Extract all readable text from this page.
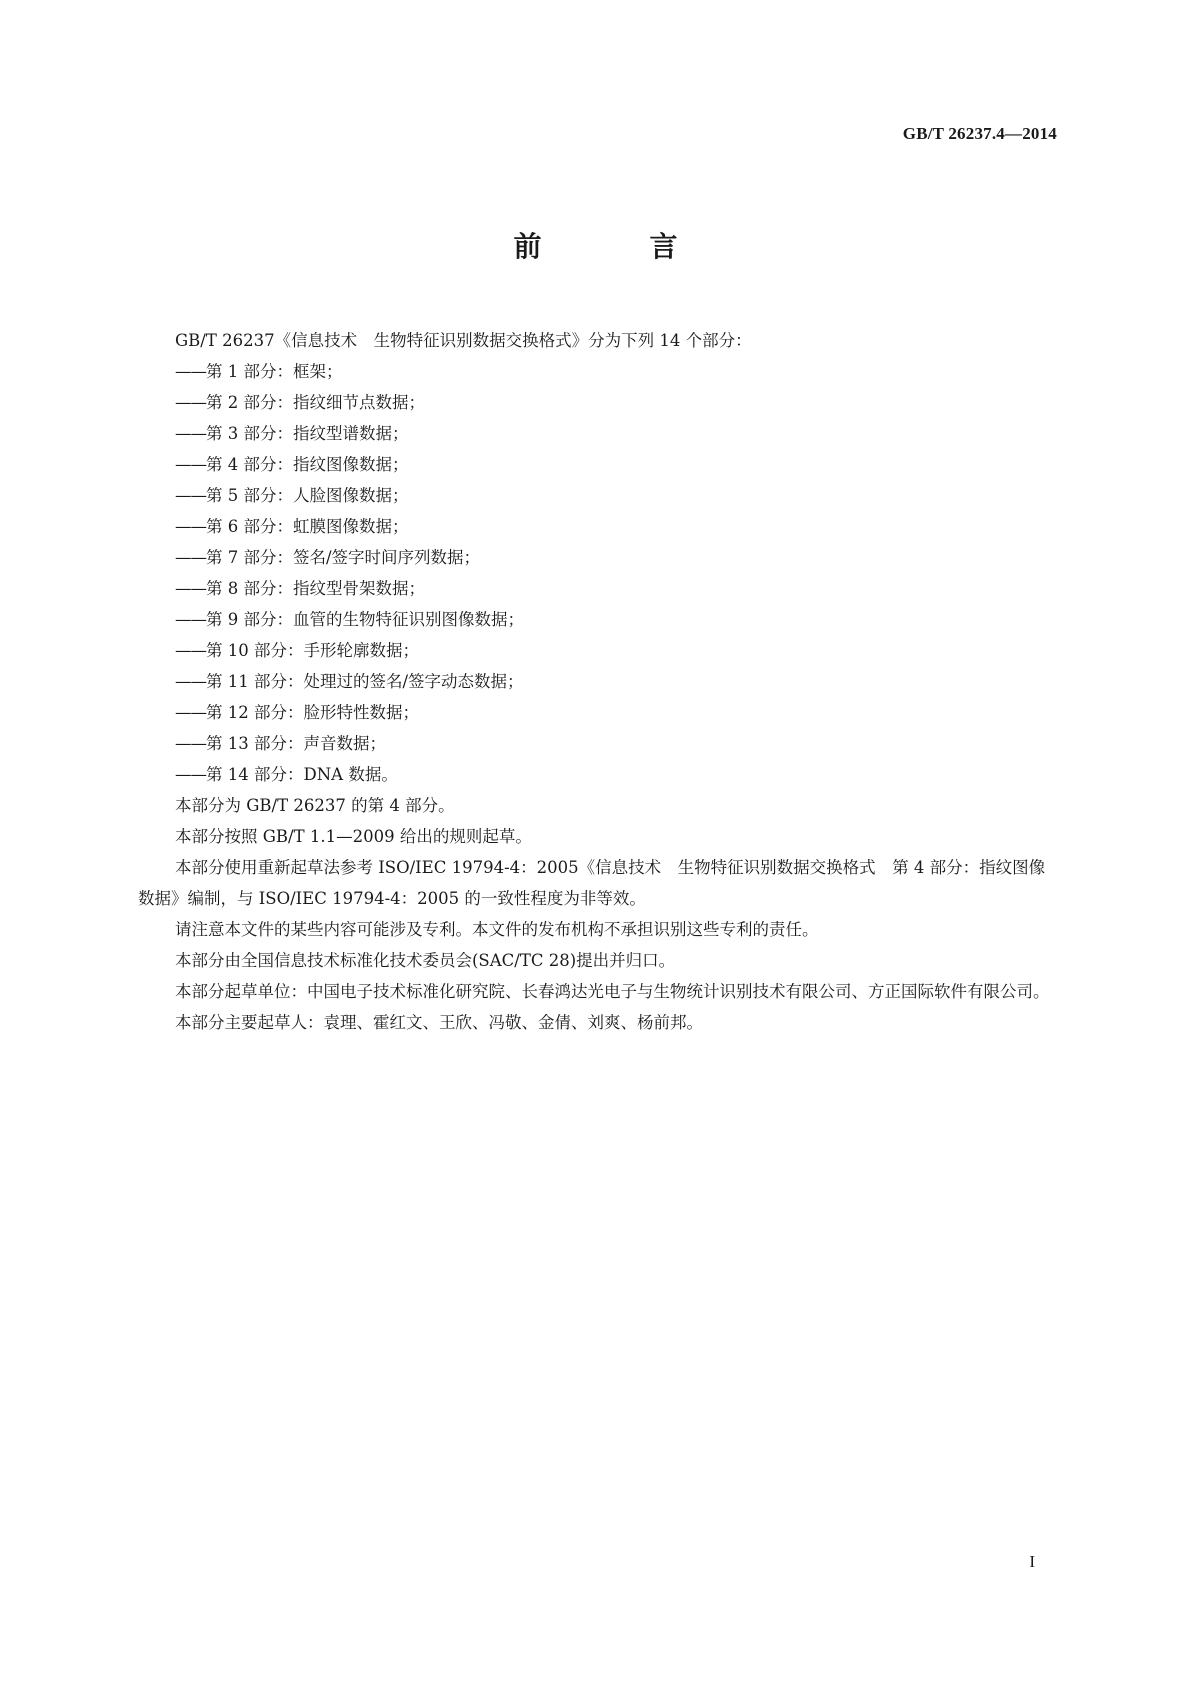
GB/T 26237.4—2014
前　言

GB/T 26237《信息技术　生物特征识别数据交换格式》分为下列 14 个部分：

——第 1 部分：框架；
——第 2 部分：指纹细节点数据；
——第 3 部分：指纹型谱数据；
——第 4 部分：指纹图像数据；
——第 5 部分：人脸图像数据；
——第 6 部分：虹膜图像数据；
——第 7 部分：签名/签字时间序列数据；
——第 8 部分：指纹型骨架数据；
——第 9 部分：血管的生物特征识别图像数据；
——第 10 部分：手形轮廓数据；
——第 11 部分：处理过的签名/签字动态数据；
——第 12 部分：脸形特性数据；
——第 13 部分：声音数据；
——第 14 部分：DNA 数据。

本部分为 GB/T 26237 的第 4 部分。

本部分按照 GB/T 1.1—2009 给出的规则起草。

本部分使用重新起草法参考 ISO/IEC 19794-4：2005《信息技术　生物特征识别数据交换格式　第 4 部分：指纹图像数据》编制，与 ISO/IEC 19794-4：2005 的一致性程度为非等效。

请注意本文件的某些内容可能涉及专利。本文件的发布机构不承担识别这些专利的责任。

本部分由全国信息技术标准化技术委员会(SAC/TC 28)提出并归口。

本部分起草单位：中国电子技术标准化研究院、长春鸿达光电子与生物统计识别技术有限公司、方正国际软件有限公司。

本部分主要起草人：袁理、霍红文、王欣、冯敬、金倩、刘爽、杨前邦。

I
